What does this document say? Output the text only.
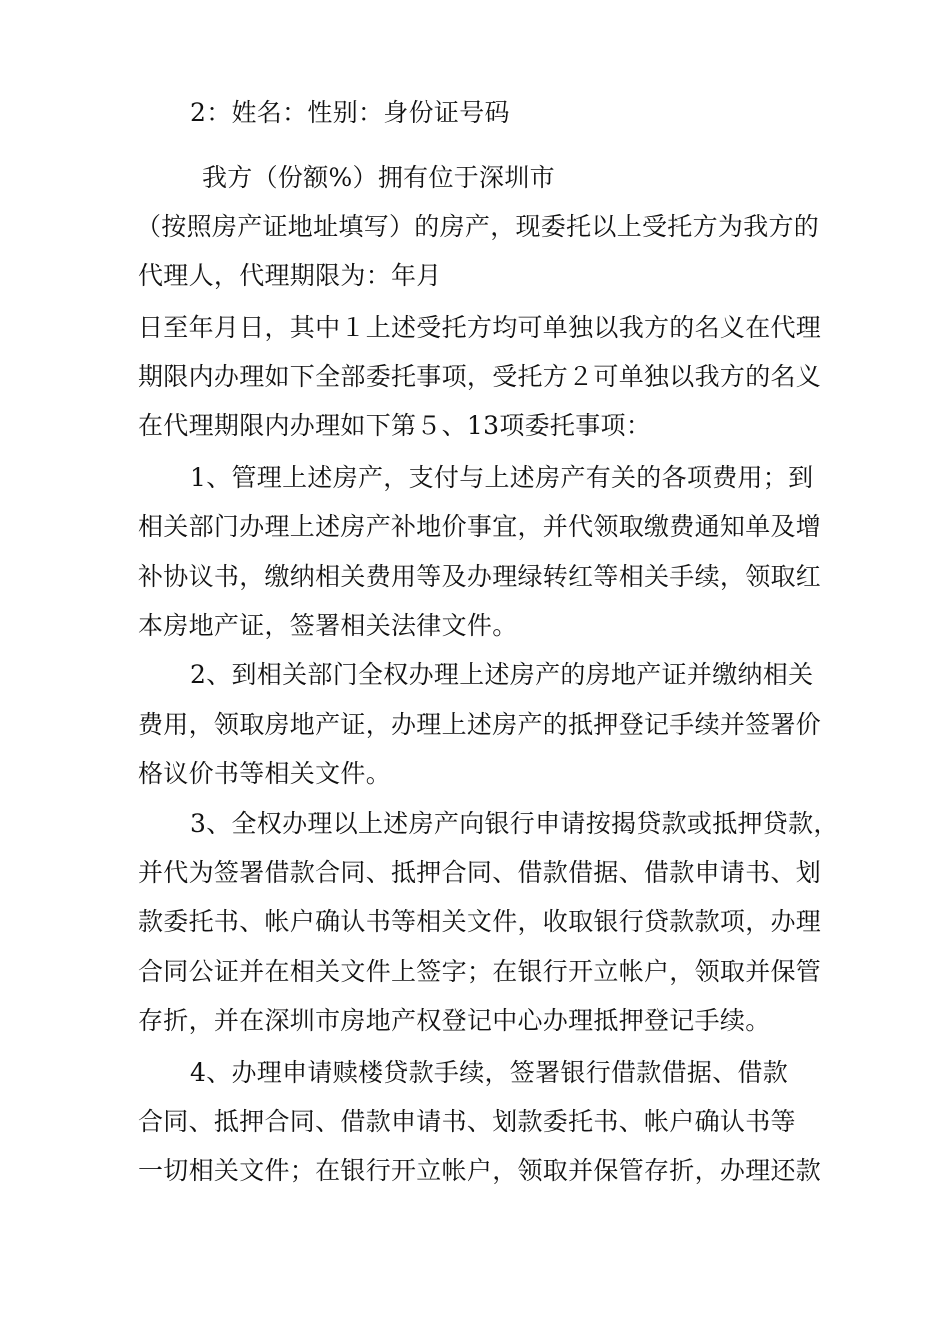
2：姓名：性别：身份证号码
我方（份额%）拥有位于深圳市
（按照房产证地址填写）的房产，现委托以上受托方为我方的
代理人，代理期限为：年月
日至年月日，其中１上述受托方均可单独以我方的名义在代理
期限内办理如下全部委托事项，受托方２可单独以我方的名义
在代理期限内办理如下第５、13项委托事项：
1、管理上述房产，支付与上述房产有关的各项费用；到
相关部门办理上述房产补地价事宜，并代领取缴费通知单及增
补协议书，缴纳相关费用等及办理绿转红等相关手续，领取红
本房地产证，签署相关法律文件。
2、到相关部门全权办理上述房产的房地产证并缴纳相关
费用，领取房地产证，办理上述房产的抵押登记手续并签署价
格议价书等相关文件。
3、全权办理以上述房产向银行申请按揭贷款或抵押贷款，
并代为签署借款合同、抵押合同、借款借据、借款申请书、划
款委托书、帐户确认书等相关文件，收取银行贷款款项，办理
合同公证并在相关文件上签字；在银行开立帐户，领取并保管
存折，并在深圳市房地产权登记中心办理抵押登记手续。
4、办理申请赎楼贷款手续，签署银行借款借据、借款
合同、抵押合同、借款申请书、划款委托书、帐户确认书等
一切相关文件；在银行开立帐户，领取并保管存折，办理还款
